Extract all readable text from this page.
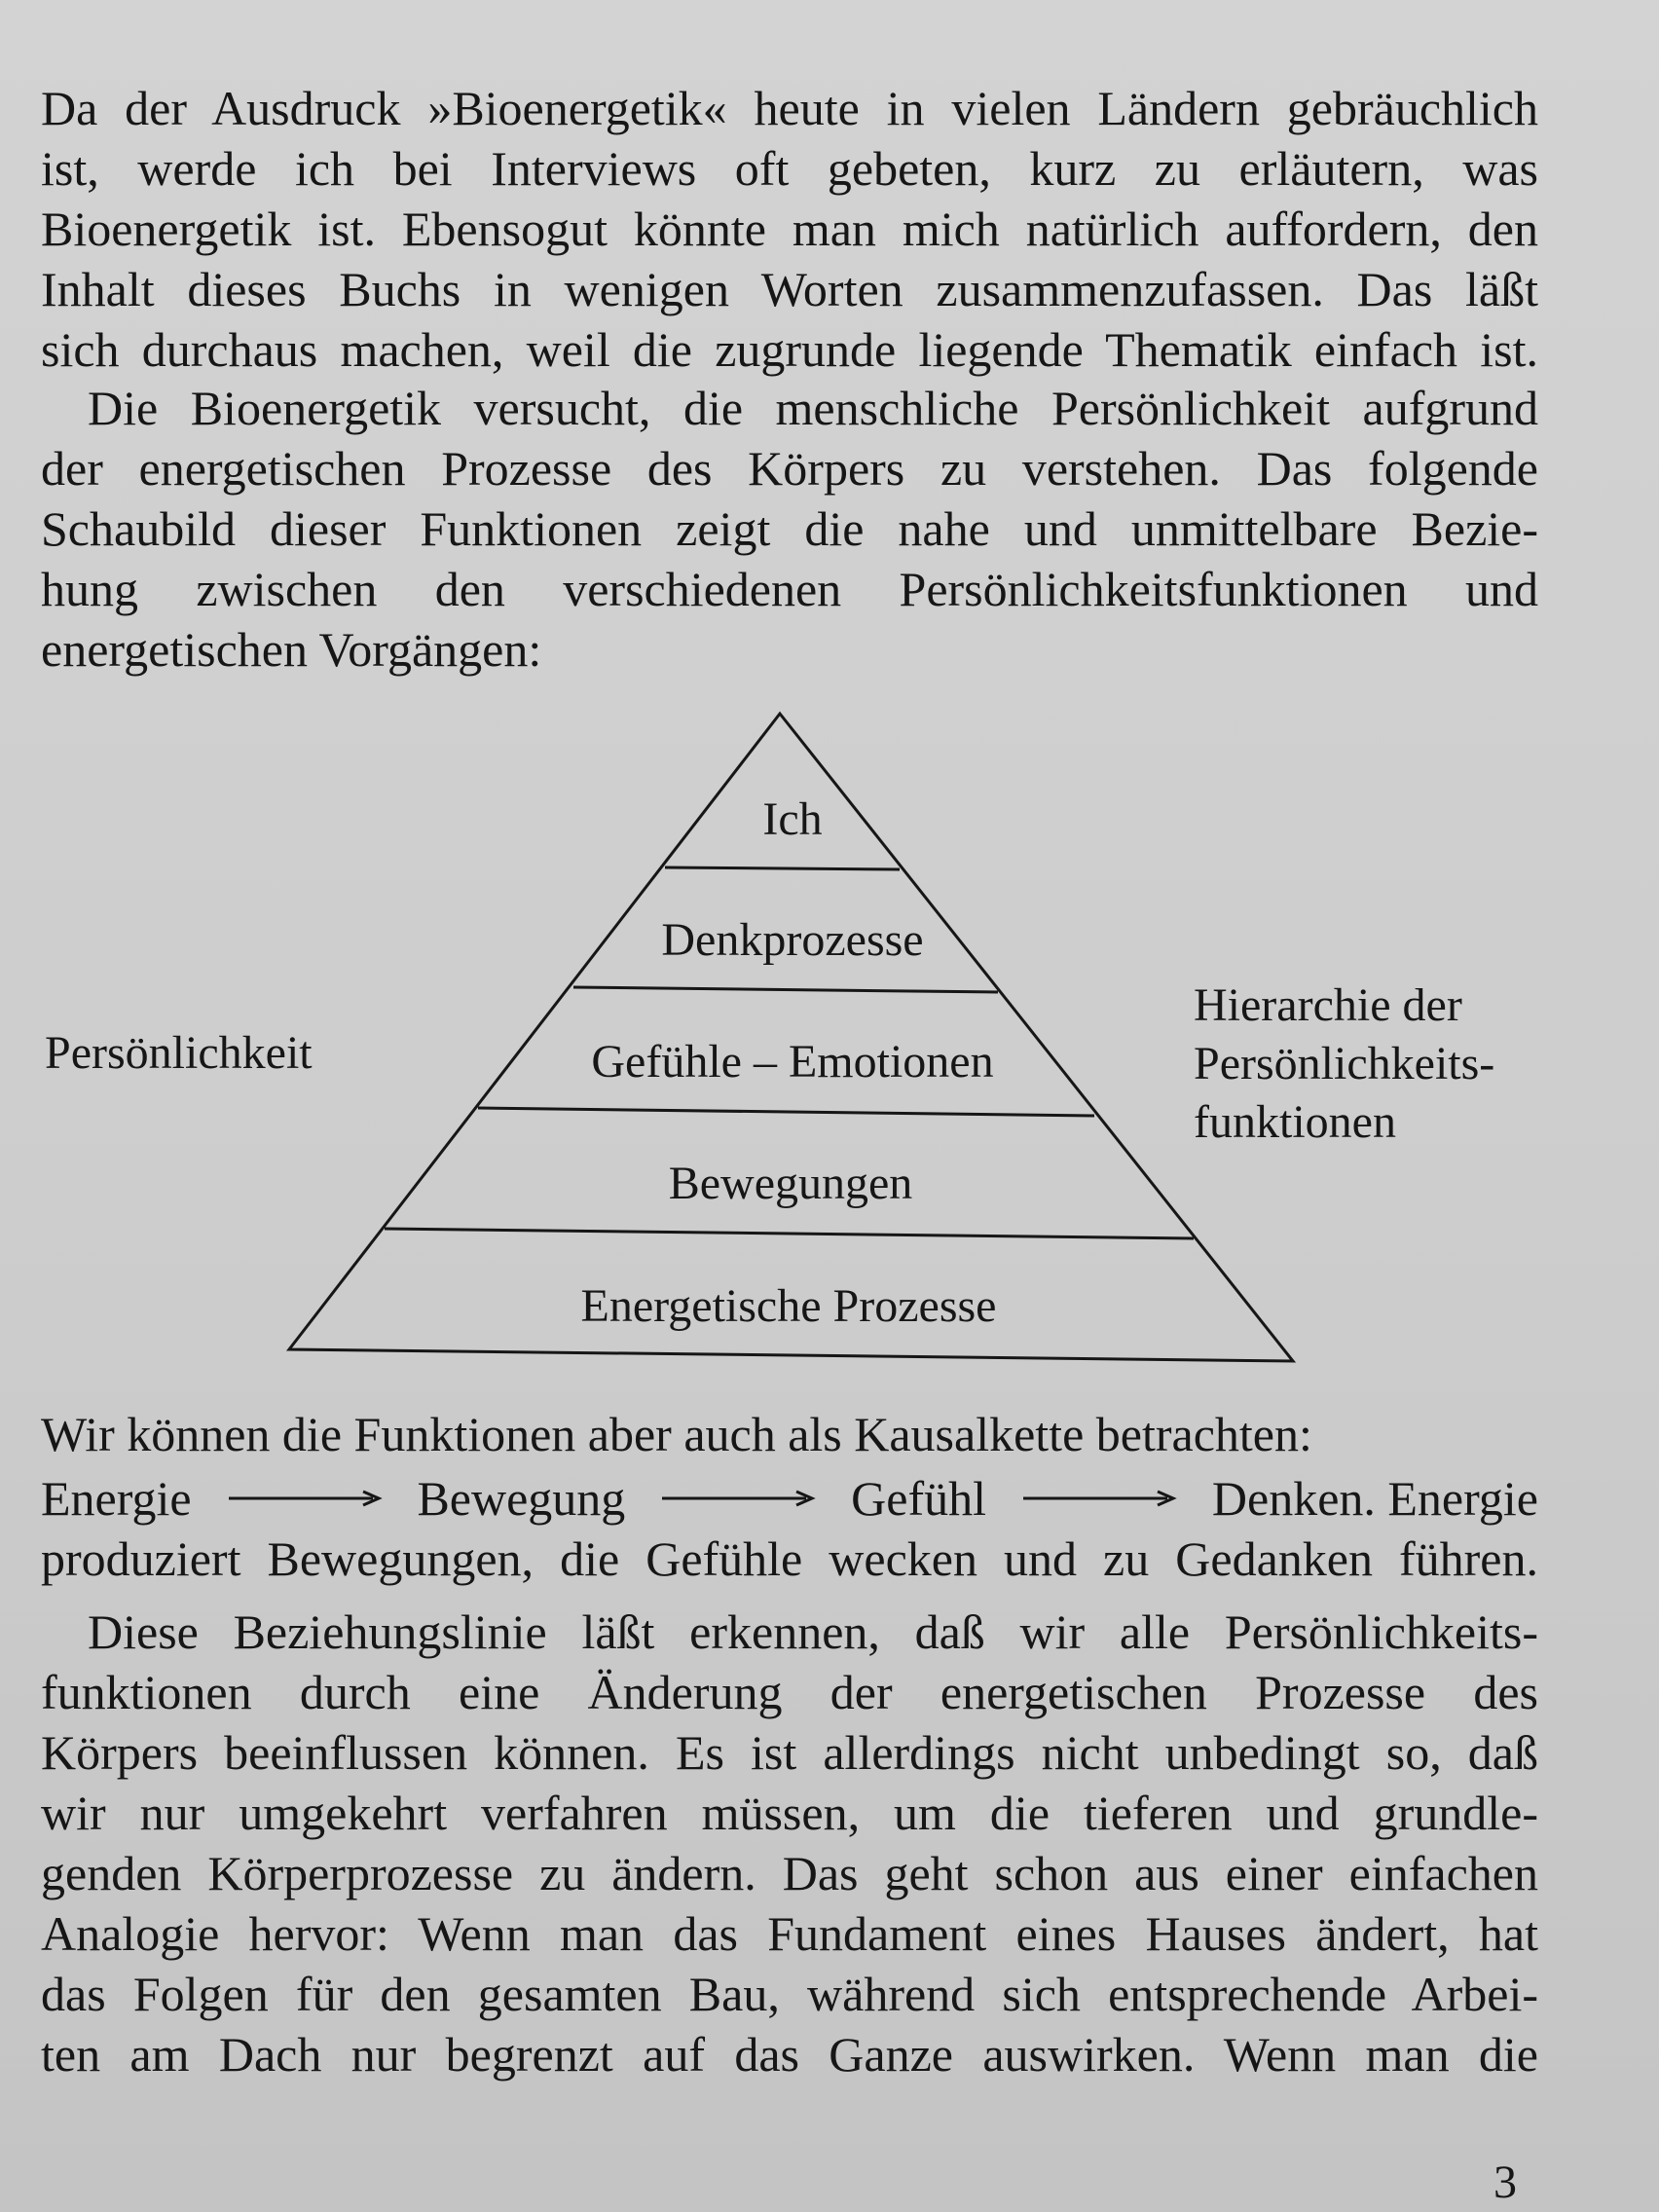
Da der Ausdruck »Bioenergetik« heute in vielen Ländern gebräuchlich
ist, werde ich bei Interviews oft gebeten, kurz zu erläutern, was
Bioenergetik ist. Ebensogut könnte man mich natürlich auffordern, den
Inhalt dieses Buchs in wenigen Worten zusammenzufassen. Das läßt
sich durchaus machen, weil die zugrunde liegende Thematik einfach ist.
Die Bioenergetik versucht, die menschliche Persönlichkeit aufgrund
der energetischen Prozesse des Körpers zu verstehen. Das folgende
Schaubild dieser Funktionen zeigt die nahe und unmittelbare Bezie-
hung zwischen den verschiedenen Persönlichkeitsfunktionen und
energetischen Vorgängen:
Ich
Denkprozesse
Gefühle – Emotionen
Bewegungen
Energetische Prozesse
Persönlichkeit
Hierarchie der
Persönlichkeits-
funktionen
Wir können die Funktionen aber auch als Kausalkette betrachten:
Energie	Bewegung	Gefühl	Denken. Energie
produziert Bewegungen, die Gefühle wecken und zu Gedanken führen.
Diese Beziehungslinie läßt erkennen, daß wir alle Persönlichkeits-
funktionen durch eine Änderung der energetischen Prozesse des
Körpers beeinflussen können. Es ist allerdings nicht unbedingt so, daß
wir nur umgekehrt verfahren müssen, um die tieferen und grundle-
genden Körperprozesse zu ändern. Das geht schon aus einer einfachen
Analogie hervor: Wenn man das Fundament eines Hauses ändert, hat
das Folgen für den gesamten Bau, während sich entsprechende Arbei-
ten am Dach nur begrenzt auf das Ganze auswirken. Wenn man die
3
